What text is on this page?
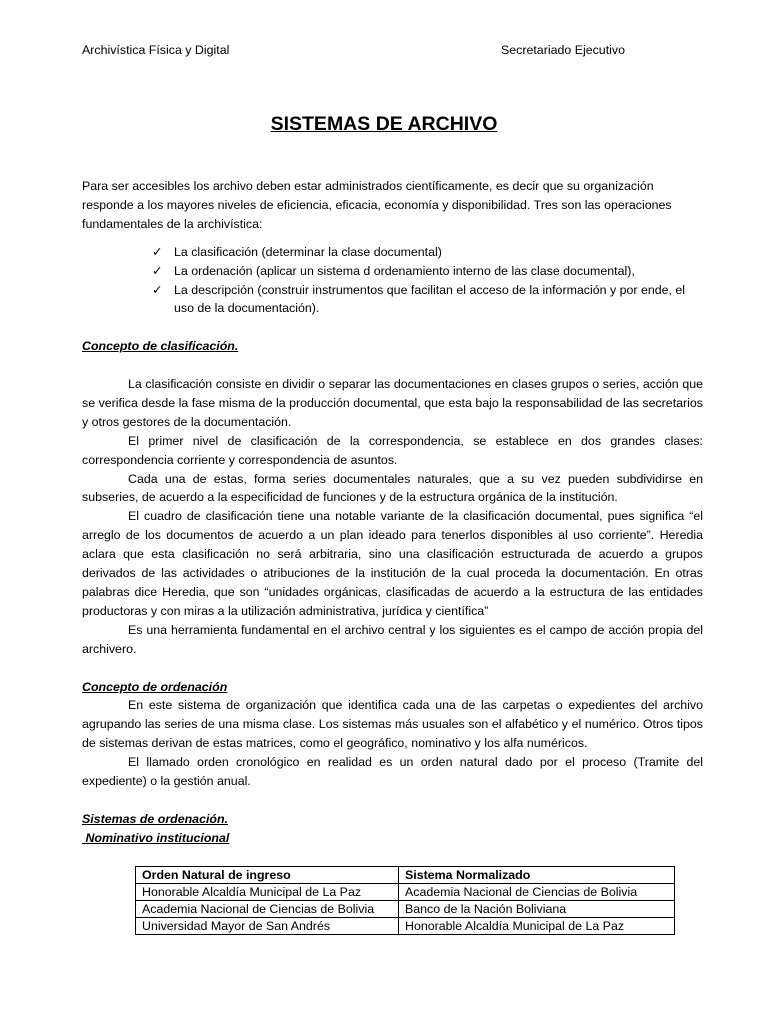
Archivística Física y Digital	Secretariado Ejecutivo
SISTEMAS DE ARCHIVO

Para ser accesibles los archivo deben estar administrados científicamente, es decir que su organización responde a los mayores niveles de eficiencia, eficacia, economía y disponibilidad. Tres son las operaciones fundamentales de la archivística:

✓ La clasificación (determinar la clase documental)
✓ La ordenación (aplicar un sistema d ordenamiento interno de las clase documental),
✓ La descripción (construir instrumentos que facilitan el acceso de la información y por ende, el uso de la documentación).

Concepto de clasificación.

La clasificación consiste en dividir o separar las documentaciones en clases grupos o series, acción que se verifica desde la fase misma de la producción documental, que esta bajo la responsabilidad de las secretarios y otros gestores de la documentación.

El primer nivel de clasificación de la correspondencia, se establece en dos grandes clases: correspondencia corriente y correspondencia de asuntos.

Cada una de estas, forma series documentales naturales, que a su vez pueden subdividirse en subseries, de acuerdo a la especificidad de funciones y de la estructura orgánica de la institución.

El cuadro de clasificación tiene una notable variante de la clasificación documental, pues significa “el arreglo de los documentos de acuerdo a un plan ideado para tenerlos disponibles al uso corriente”. Heredia aclara que esta clasificación no será arbitraria, sino una clasificación estructurada de acuerdo a grupos derivados de las actividades o atribuciones de la institución de la cual proceda la documentación. En otras palabras dice Heredia, que son “unidades orgánicas, clasificadas de acuerdo a la estructura de las entidades productoras y con miras a la utilización administrativa, jurídica y científica”

Es una herramienta fundamental en el archivo central y los siguientes es el campo de acción propia del archivero.

Concepto de ordenación

En este sistema de organización que identifica cada una de las carpetas o expedientes del archivo agrupando las series de una misma clase. Los sistemas más usuales son el alfabético y el numérico. Otros tipos de sistemas derivan de estas matrices, como el geográfico, nominativo y los alfa numéricos.

El llamado orden cronológico en realidad es un orden natural dado por el proceso (Tramite del expediente) o la gestión anual.

Sistemas de ordenación.

Nominativo institucional

Orden Natural de ingreso	Sistema Normalizado
Honorable Alcaldía Municipal de La Paz	Academia Nacional de Ciencias de Bolivia
Academia Nacional de Ciencias de Bolivia	Banco de la Nación Boliviana
Universidad Mayor de San Andrés	Honorable Alcaldía Municipal de La Paz
